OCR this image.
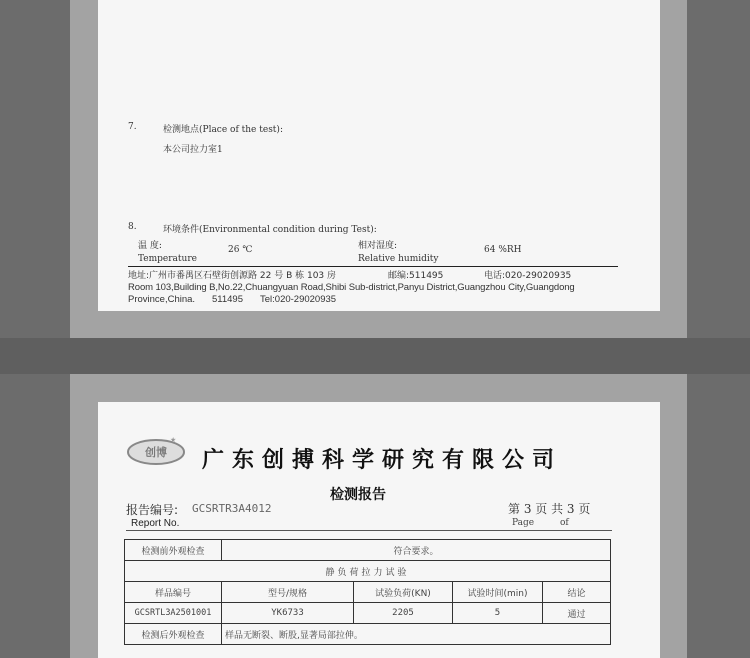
7.	检测地点(Place of the test):
本公司拉力室1
8.	环境条件(Environmental condition during Test):
温 度:	26 ℃
Temperature
相对湿度:	64 %RH
Relative humidity
地址:广州市番禺区石壁街创源路 22 号 B 栋 103 房	邮编:511495	电话:020-29020935
Room 103,Building B,No.22,Chuangyuan Road,Shibi Sub-district,Panyu District,Guangzhou City,Guangdong
Province,China. 511495 Tel:020-29020935
创博
★
广东创搏科学研究有限公司
检测报告
报告编号: GCSRTR3A4012
Report No.
第 3 页 共 3 页
Page	of
检测前外观检查	符合要求。			
静负荷拉力试验				
样品编号	型号/规格	试验负荷(KN)	试验时间(min)	结论
GCSRTL3A2501001	YK6733	2205	5	通过
检测后外观检查	样品无断裂、断股,显著局部拉伸。			
